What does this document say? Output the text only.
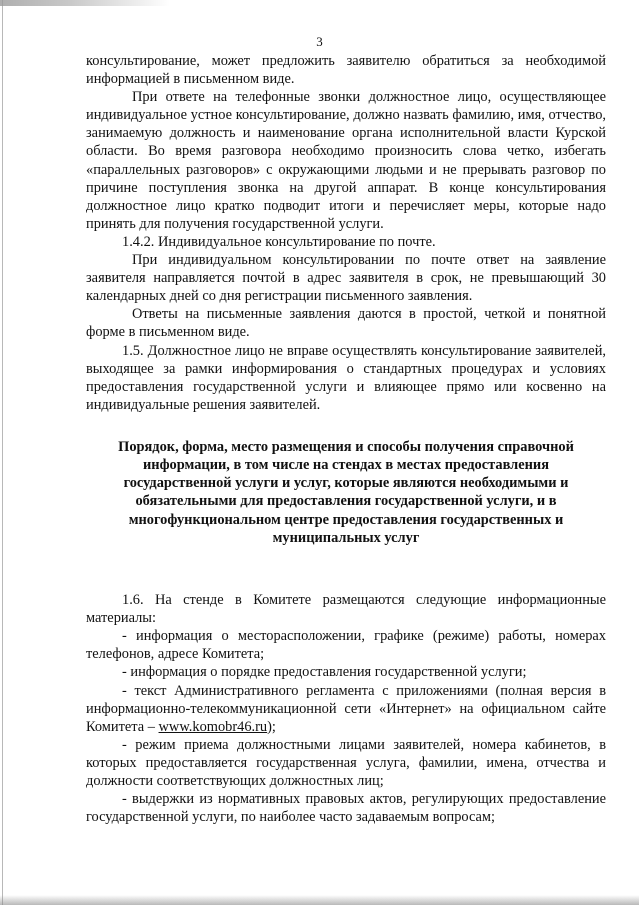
3

консультирование, может предложить заявителю обратиться за необходимой информацией в письменном виде.

При ответе на телефонные звонки должностное лицо, осуществляющее индивидуальное устное консультирование, должно назвать фамилию, имя, отчество, занимаемую должность и наименование органа исполнительной власти Курской области. Во время разговора необходимо произносить слова четко, избегать «параллельных разговоров» с окружающими людьми и не прерывать разговор по причине поступления звонка на другой аппарат. В конце консультирования должностное лицо кратко подводит итоги и перечисляет меры, которые надо принять для получения государственной услуги.

1.4.2. Индивидуальное консультирование по почте.

При индивидуальном консультировании по почте ответ на заявление заявителя направляется почтой в адрес заявителя в срок, не превышающий 30 календарных дней со дня регистрации письменного заявления.

Ответы на письменные заявления даются в простой, четкой и понятной форме в письменном виде.

1.5. Должностное лицо не вправе осуществлять консультирование заявителей, выходящее за рамки информирования о стандартных процедурах и условиях предоставления государственной услуги и влияющее прямо или косвенно на индивидуальные решения заявителей.

Порядок, форма, место размещения и способы получения справочной информации, в том числе на стендах в местах предоставления государственной услуги и услуг, которые являются необходимыми и обязательными для предоставления государственной услуги, и в многофункциональном центре предоставления государственных и муниципальных услуг

1.6. На стенде в Комитете размещаются следующие информационные материалы:

- информация о месторасположении, графике (режиме) работы, номерах телефонов, адресе Комитета;

- информация о порядке предоставления государственной услуги;

- текст Административного регламента с приложениями (полная версия в информационно-телекоммуникационной сети «Интернет» на официальном сайте Комитета – www.komobr46.ru);

- режим приема должностными лицами заявителей, номера кабинетов, в которых предоставляется государственная услуга, фамилии, имена, отчества и должности соответствующих должностных лиц;

- выдержки из нормативных правовых актов, регулирующих предоставление государственной услуги, по наиболее часто задаваемым вопросам;
